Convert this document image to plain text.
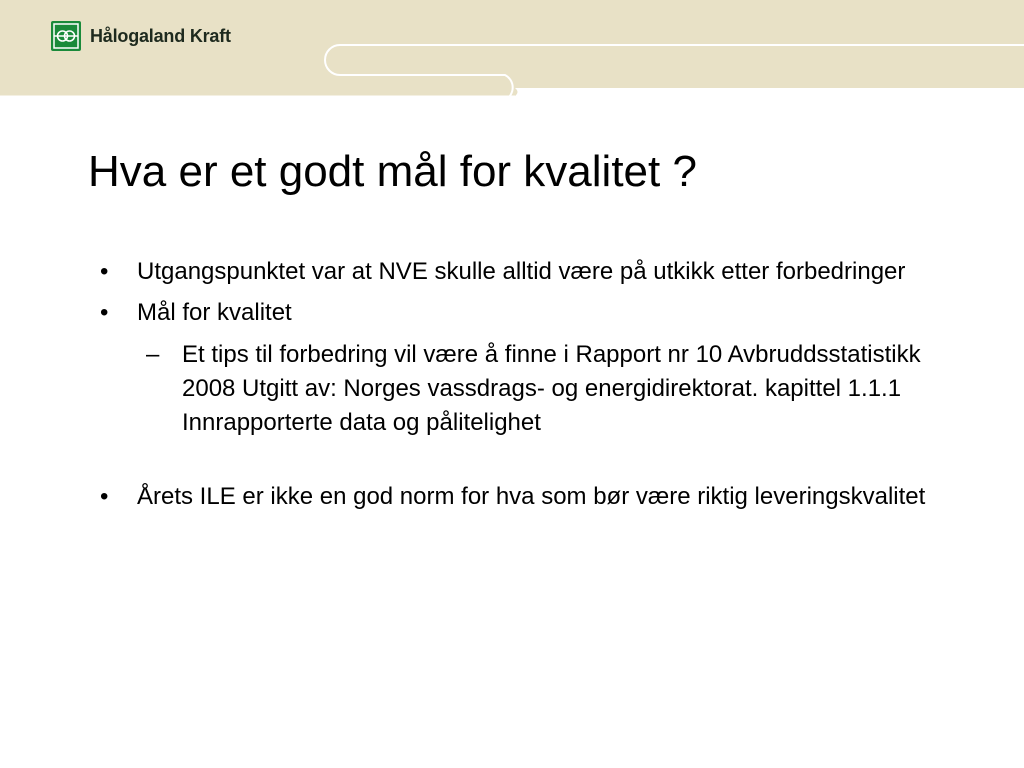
Hålogaland Kraft
Hva er et godt mål for kvalitet ?
• Utgangspunktet var at NVE skulle alltid være på utkikk etter forbedringer
• Mål for kvalitet
– Et tips til forbedring vil være å finne i Rapport nr 10 Avbruddsstatistikk 2008 Utgitt av: Norges vassdrags- og energidirektorat. kapittel 1.1.1 Innrapporterte data og pålitelighet
• Årets ILE er ikke en god norm for hva som bør være riktig leveringskvalitet
